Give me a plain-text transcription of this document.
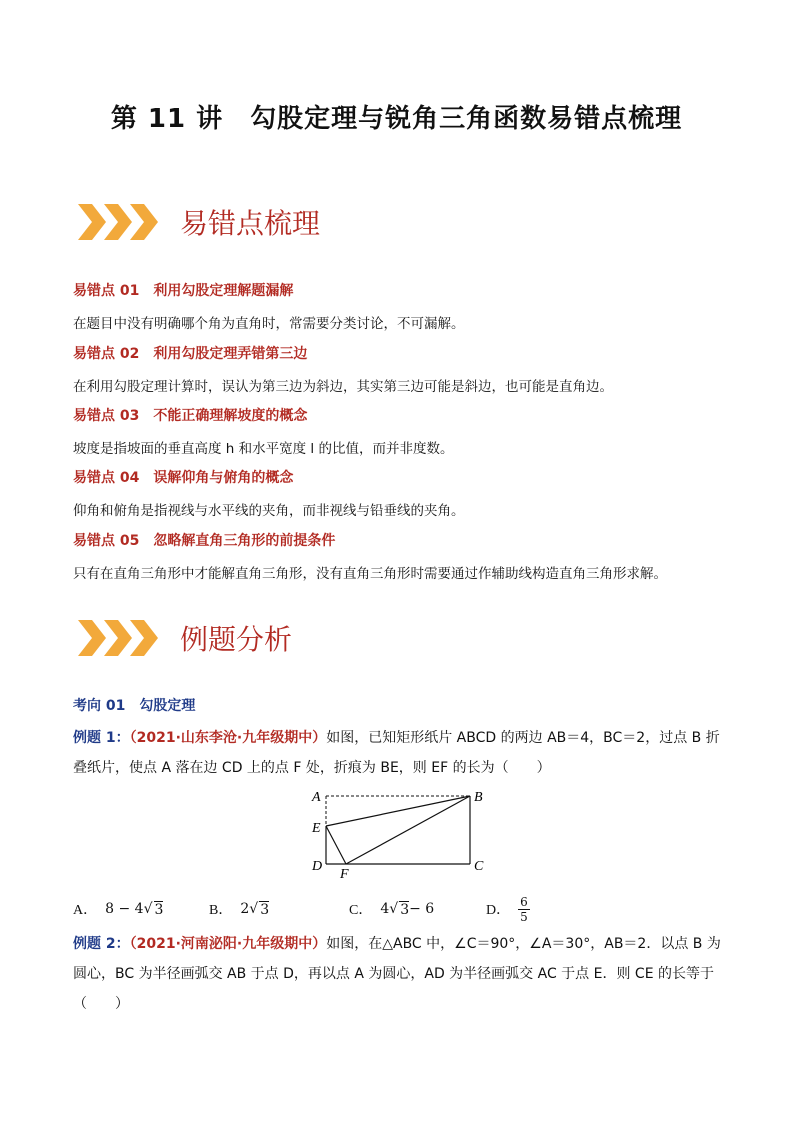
第 11 讲　勾股定理与锐角三角函数易错点梳理
易错点梳理
易错点 01　利用勾股定理解题漏解
在题目中没有明确哪个角为直角时，常需要分类讨论，不可漏解。
易错点 02　利用勾股定理弄错第三边
在利用勾股定理计算时，误认为第三边为斜边，其实第三边可能是斜边，也可能是直角边。
易错点 03　不能正确理解坡度的概念
坡度是指坡面的垂直高度 h 和水平宽度 l 的比值，而并非度数。
易错点 04　误解仰角与俯角的概念
仰角和俯角是指视线与水平线的夹角，而非视线与铅垂线的夹角。
易错点 05　忽略解直角三角形的前提条件
只有在直角三角形中才能解直角三角形，没有直角三角形时需要通过作辅助线构造直角三角形求解。
例题分析
考向 01　勾股定理
例题 1：（2021·山东李沧·九年级期中）如图，已知矩形纸片 ABCD 的两边 AB＝4，BC＝2，过点 B 折叠纸片，使点 A 落在边 CD 上的点 F 处，折痕为 BE，则 EF 的长为（　　）
A	B
C
D
E
F
A． 8 − 4 √ 3	B． 2 √ 3	C． 4 √ 3 − 6	D． $\frac{6}{5}$
例题 2：（2021·河南泌阳·九年级期中）如图，在△ABC 中，∠C＝90°，∠A＝30°，AB＝2．以点 B 为圆心，BC 为半径画弧交 AB 于点 D，再以点 A 为圆心，AD 为半径画弧交 AC 于点 E．则 CE 的长等于（　　）
